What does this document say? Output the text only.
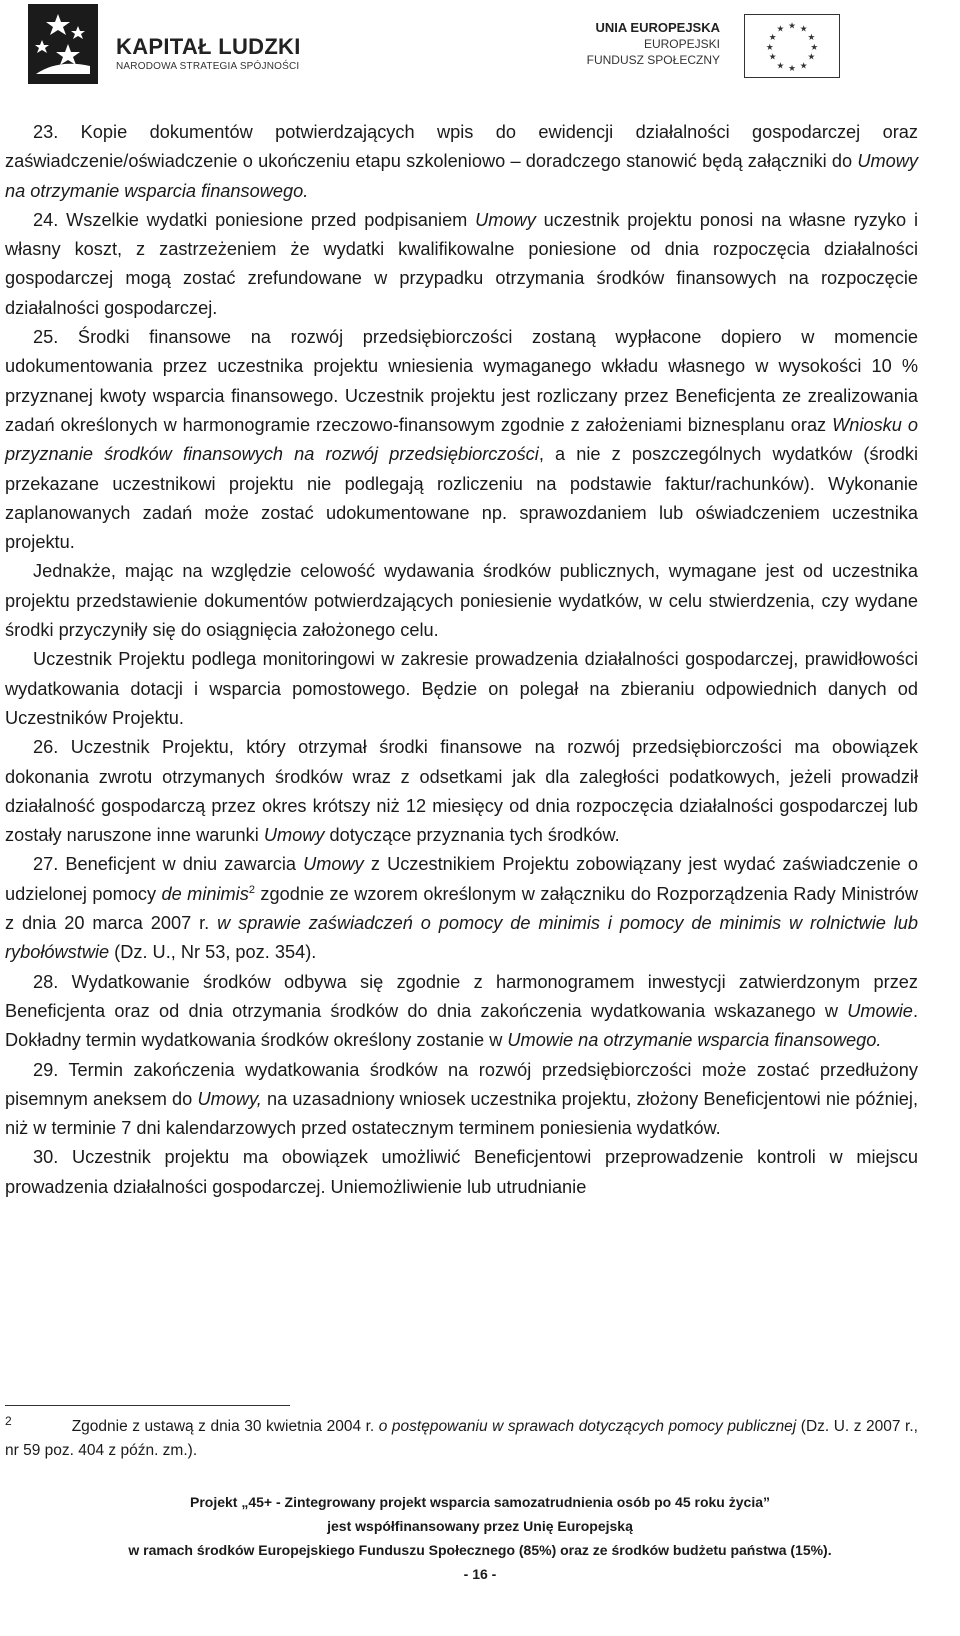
KAPITAŁ LUDZKI
NARODOWA STRATEGIA SPÓJNOŚCI
UNIA EUROPEJSKA
EUROPEJSKI
FUNDUSZ SPOŁECZNY
★ ★
★
★
★
★
★
★
★
★
★
★

23. Kopie dokumentów potwierdzających wpis do ewidencji działalności gospodarczej oraz zaświadczenie/oświadczenie o ukończeniu etapu szkoleniowo – doradczego stanowić będą załączniki do Umowy na otrzymanie wsparcia finansowego.

24. Wszelkie wydatki poniesione przed podpisaniem Umowy uczestnik projektu ponosi na własne ryzyko i własny koszt, z zastrzeżeniem że wydatki kwalifikowalne poniesione od dnia rozpoczęcia działalności gospodarczej mogą zostać zrefundowane w przypadku otrzymania środków finansowych na rozpoczęcie działalności gospodarczej.

25. Środki finansowe na rozwój przedsiębiorczości zostaną wypłacone dopiero w momencie udokumentowania przez uczestnika projektu wniesienia wymaganego wkładu własnego w wysokości 10 % przyznanej kwoty wsparcia finansowego. Uczestnik projektu jest rozliczany przez Beneficjenta ze zrealizowania zadań określonych w harmonogramie rzeczowo-finansowym zgodnie z założeniami biznesplanu oraz Wniosku o przyznanie środków finansowych na rozwój przedsiębiorczości, a nie z poszczególnych wydatków (środki przekazane uczestnikowi projektu nie podlegają rozliczeniu na podstawie faktur/rachunków). Wykonanie zaplanowanych zadań może zostać udokumentowane np. sprawozdaniem lub oświadczeniem uczestnika projektu.

Jednakże, mając na względzie celowość wydawania środków publicznych, wymagane jest od uczestnika projektu przedstawienie dokumentów potwierdzających poniesienie wydatków, w celu stwierdzenia, czy wydane środki przyczyniły się do osiągnięcia założonego celu.

Uczestnik Projektu podlega monitoringowi w zakresie prowadzenia działalności gospodarczej, prawidłowości wydatkowania dotacji i wsparcia pomostowego. Będzie on polegał na zbieraniu odpowiednich danych od Uczestników Projektu.

26. Uczestnik Projektu, który otrzymał środki finansowe na rozwój przedsiębiorczości ma obowiązek dokonania zwrotu otrzymanych środków wraz z odsetkami jak dla zaległości podatkowych, jeżeli prowadził działalność gospodarczą przez okres krótszy niż 12 miesięcy od dnia rozpoczęcia działalności gospodarczej lub zostały naruszone inne warunki Umowy dotyczące przyznania tych środków.

27. Beneficjent w dniu zawarcia Umowy z Uczestnikiem Projektu zobowiązany jest wydać zaświadczenie o udzielonej pomocy de minimis$^2$ zgodnie ze wzorem określonym w załączniku do Rozporządzenia Rady Ministrów z dnia 20 marca 2007 r. w sprawie zaświadczeń o pomocy de minimis i pomocy de minimis w rolnictwie lub rybołówstwie (Dz. U., Nr 53, poz. 354).

28. Wydatkowanie środków odbywa się zgodnie z harmonogramem inwestycji zatwierdzonym przez Beneficjenta oraz od dnia otrzymania środków do dnia zakończenia wydatkowania wskazanego w Umowie. Dokładny termin wydatkowania środków określony zostanie w Umowie na otrzymanie wsparcia finansowego.

29. Termin zakończenia wydatkowania środków na rozwój przedsiębiorczości może zostać przedłużony pisemnym aneksem do Umowy, na uzasadniony wniosek uczestnika projektu, złożony Beneficjentowi nie później, niż w terminie 7 dni kalendarzowych przed ostatecznym terminem poniesienia wydatków.

30. Uczestnik projektu ma obowiązek umożliwić Beneficjentowi przeprowadzenie kontroli w miejscu prowadzenia działalności gospodarczej. Uniemożliwienie lub utrudnianie

$^2$	Zgodnie z ustawą z dnia 30 kwietnia 2004 r. o postępowaniu w sprawach dotyczących pomocy publicznej (Dz. U. z 2007 r., nr 59 poz. 404 z późn. zm.).
Projekt „45+ - Zintegrowany projekt wsparcia samozatrudnienia osób po 45 roku życia”
jest współfinansowany przez Unię Europejską
w ramach środków Europejskiego Funduszu Społecznego (85%) oraz ze środków budżetu państwa (15%).
- 16 -
